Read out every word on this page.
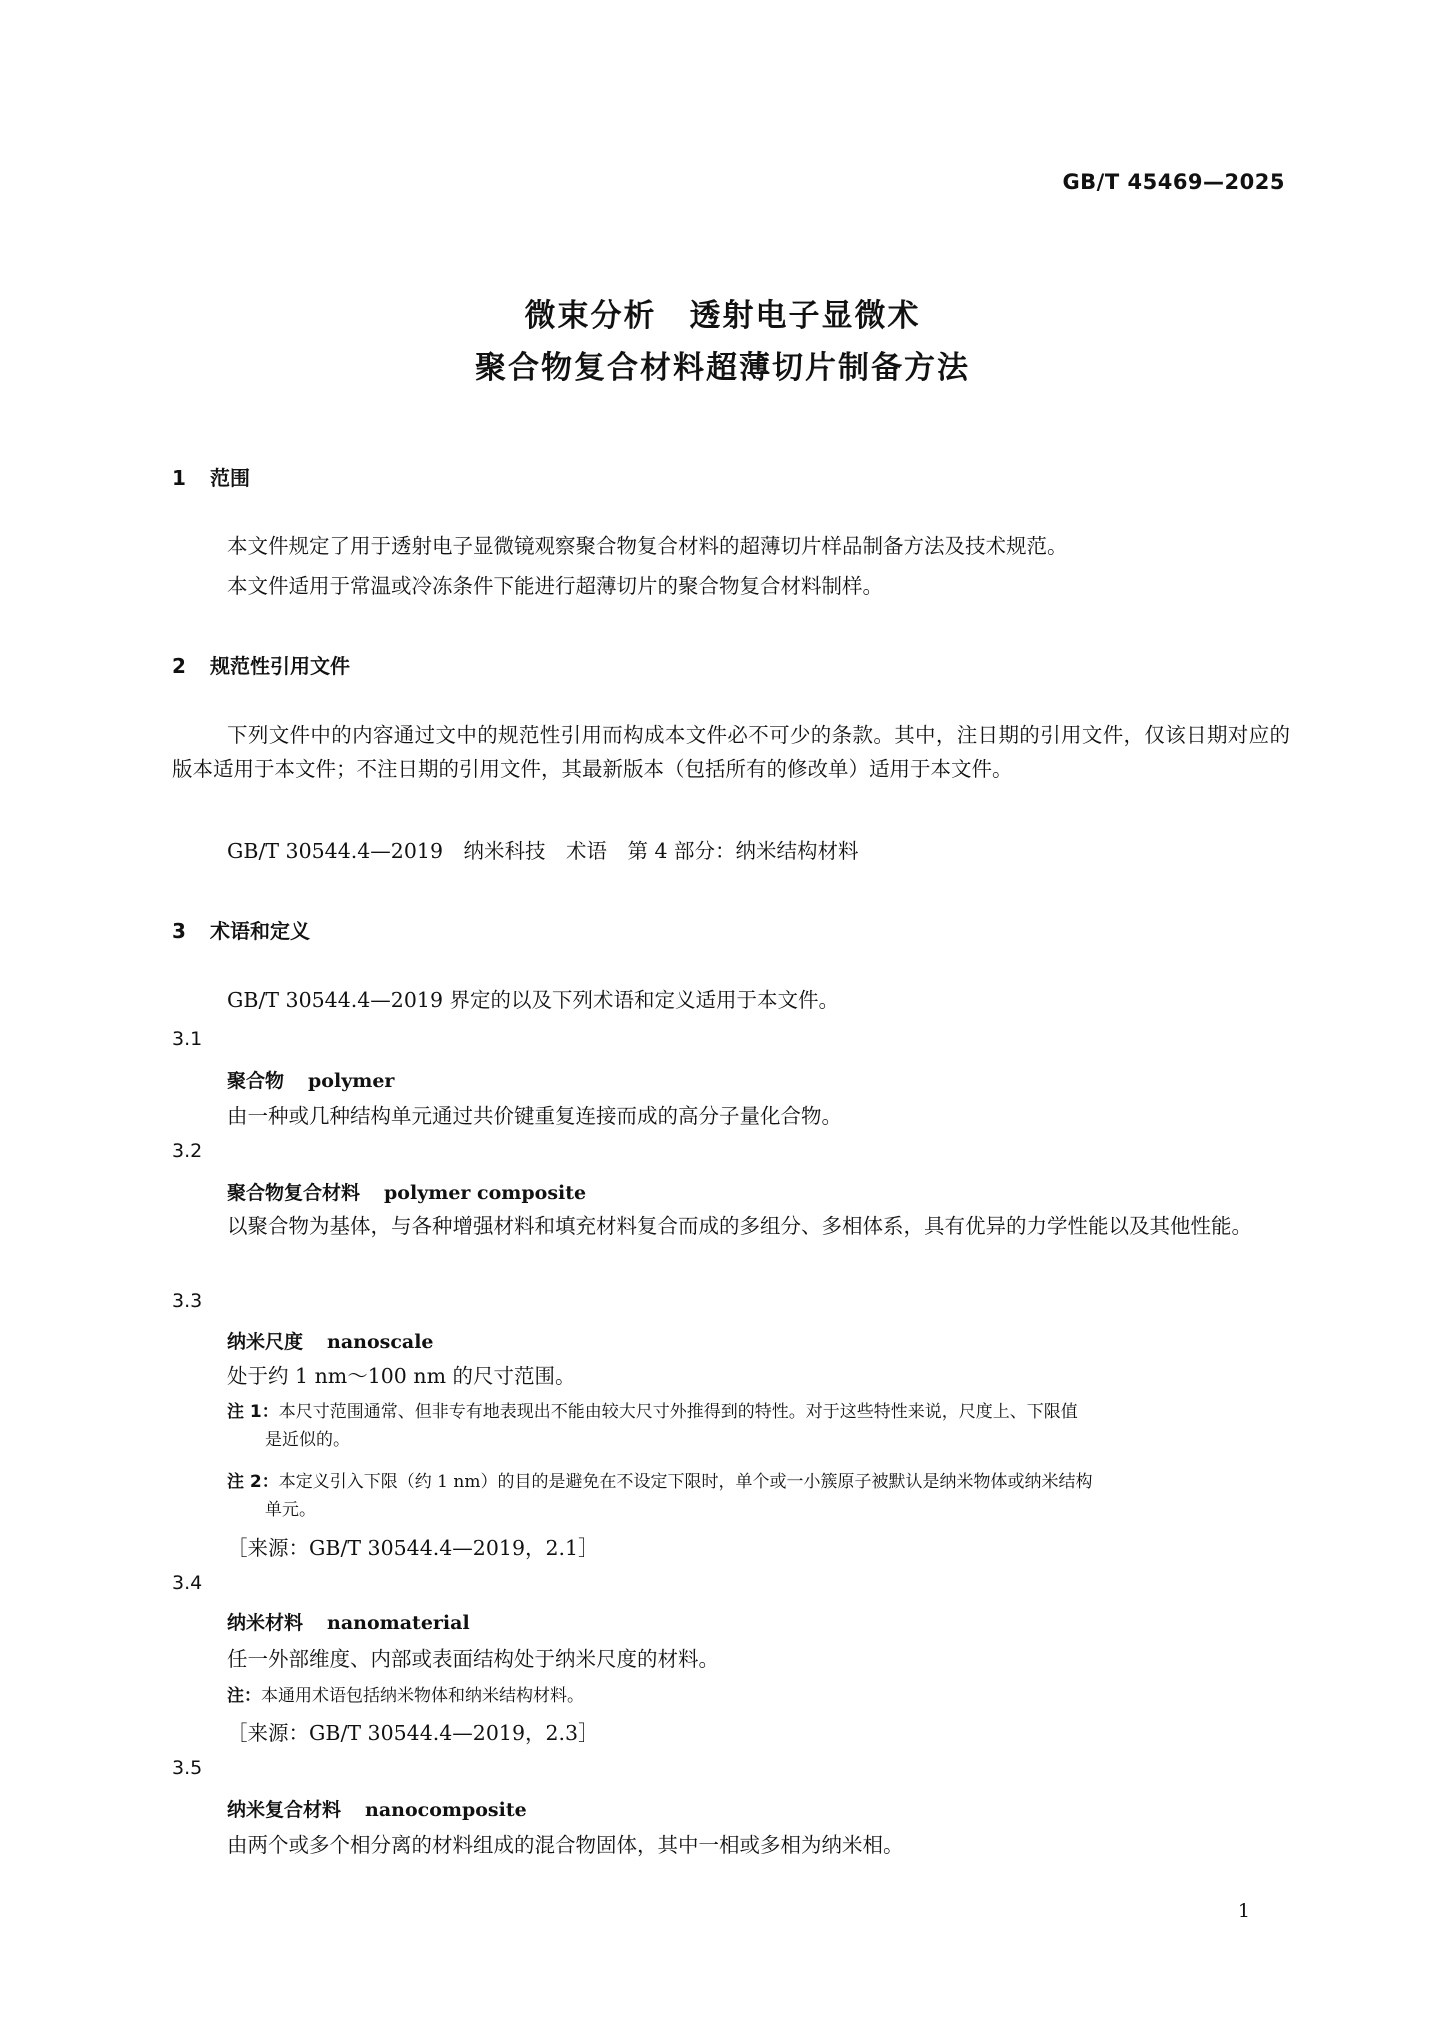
GB/T 45469—2025
微束分析　透射电子显微术
聚合物复合材料超薄切片制备方法
1 范围
本文件规定了用于透射电子显微镜观察聚合物复合材料的超薄切片样品制备方法及技术规范。
本文件适用于常温或冷冻条件下能进行超薄切片的聚合物复合材料制样。
2 规范性引用文件
下列文件中的内容通过文中的规范性引用而构成本文件必不可少的条款。其中，注日期的引用文件，仅该日期对应的版本适用于本文件；不注日期的引用文件，其最新版本（包括所有的修改单）适用于本文件。
GB/T 30544.4—2019　纳米科技　术语　第 4 部分：纳米结构材料
3 术语和定义
GB/T 30544.4—2019 界定的以及下列术语和定义适用于本文件。
3.1
聚合物 polymer
由一种或几种结构单元通过共价键重复连接而成的高分子量化合物。
3.2
聚合物复合材料 polymer composite
以聚合物为基体，与各种增强材料和填充材料复合而成的多组分、多相体系，具有优异的力学性能以及其他性能。
3.3
纳米尺度 nanoscale
处于约 1 nm～100 nm 的尺寸范围。
注 1：本尺寸范围通常、但非专有地表现出不能由较大尺寸外推得到的特性。对于这些特性来说，尺度上、下限值
是近似的。
注 2：本定义引入下限（约 1 nm）的目的是避免在不设定下限时，单个或一小簇原子被默认是纳米物体或纳米结构
单元。
［来源：GB/T 30544.4—2019，2.1］
3.4
纳米材料 nanomaterial
任一外部维度、内部或表面结构处于纳米尺度的材料。
注：本通用术语包括纳米物体和纳米结构材料。
［来源：GB/T 30544.4—2019，2.3］
3.5
纳米复合材料 nanocomposite
由两个或多个相分离的材料组成的混合物固体，其中一相或多相为纳米相。
1
